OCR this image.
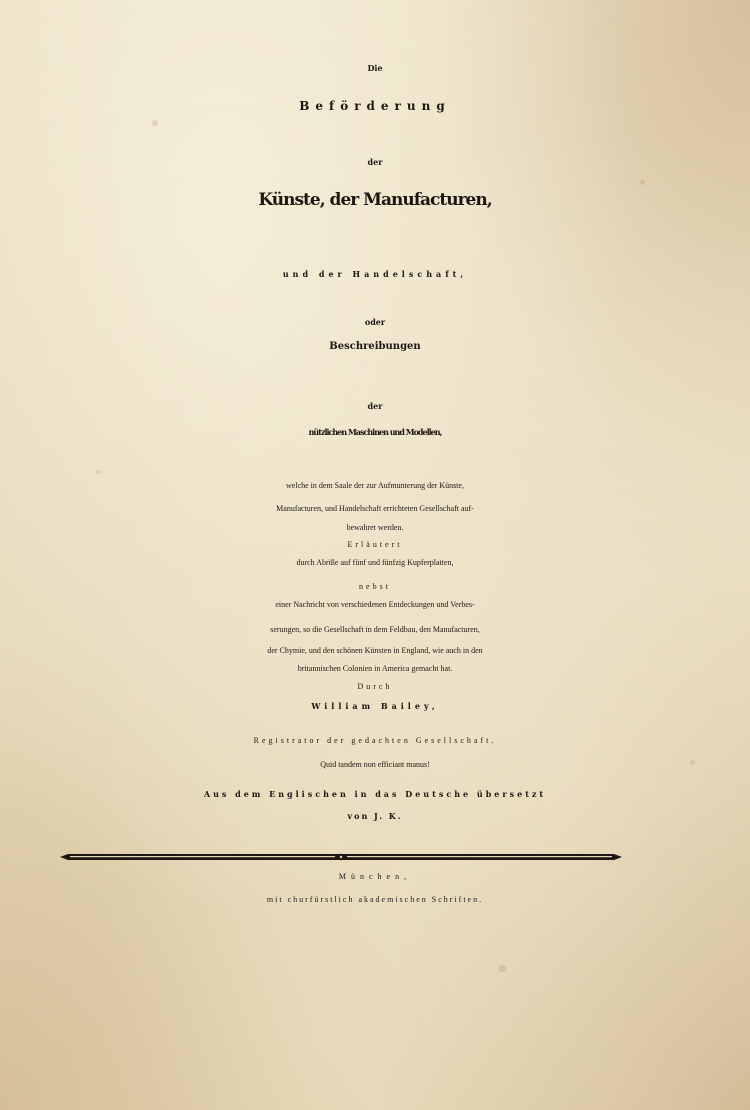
Die
Beförderung
der
Künste, der Manufacturen,
und der Handelschaft,
oder
Beschreibungen
der
nützlichen Maschinen und Modellen,
welche in dem Saale der zur Aufmunterung der Künste,
Manufacturen, und Handelschaft errichteten Gesellschaft auf-
bewahret werden.
Erläutert
durch Abriße auf fünf und fünfzig Kupferplatten,
nebst
einer Nachricht von verschiedenen Entdeckungen und Verbes-
serungen, so die Gesellschaft in dem Feldbau, den Manufacturen,
der Chymie, und den schönen Künsten in England, wie auch in den
britannischen Colonien in America gemacht hat.
Durch
William Bailey,
Registrator der gedachten Gesellschaft.
Quid tandem non efficiant manus!
Aus dem Englischen in das Deutsche übersetzt
von J. K.
München,
mit churfürstlich akademischen Schriften.
